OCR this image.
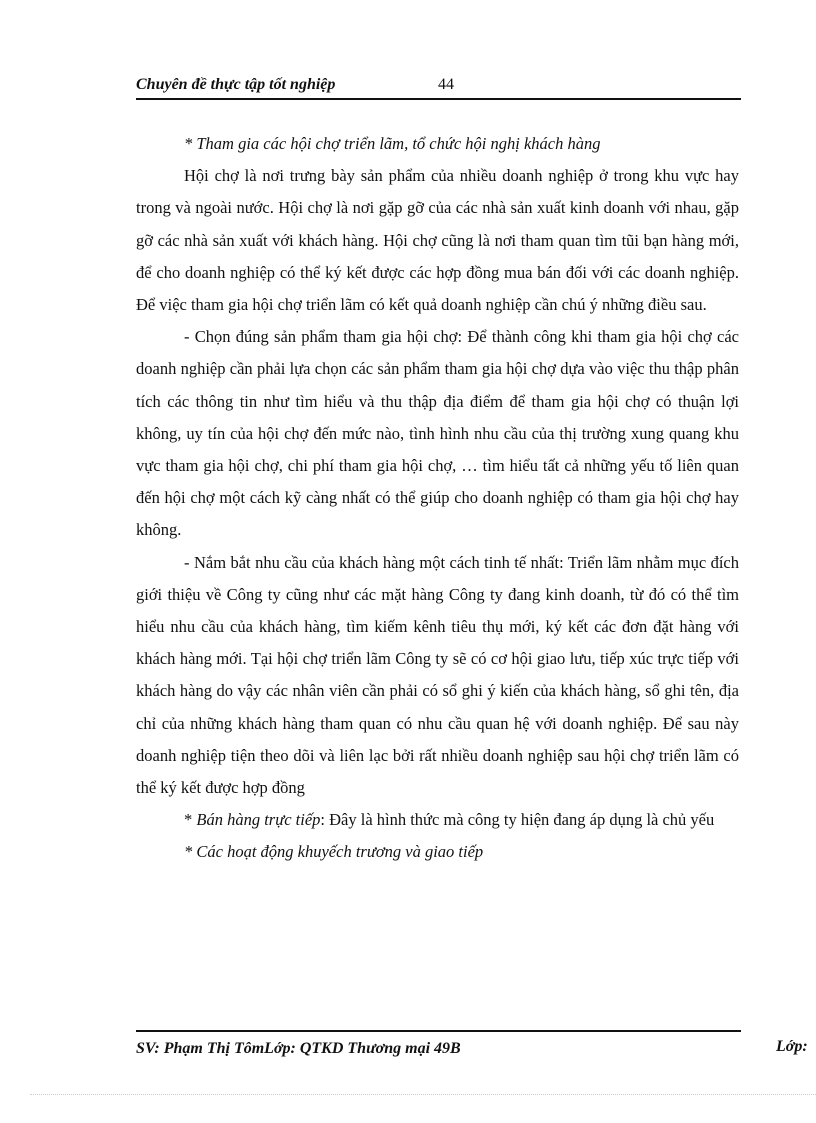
Chuyên đề thực tập tốt nghiệp	44

* Tham gia các hội chợ triển lãm, tổ chức hội nghị khách hàng

Hội chợ là nơi trưng bày sản phẩm của nhiều doanh nghiệp ở trong khu vực hay trong và ngoài nước. Hội chợ là nơi gặp gỡ của các nhà sản xuất kinh doanh với nhau, gặp gỡ các nhà sản xuất với khách hàng. Hội chợ cũng là nơi tham quan tìm tũi bạn hàng mới, để cho doanh nghiệp có thể ký kết được các hợp đồng mua bán đối với các doanh nghiệp. Để việc tham gia hội chợ triển lãm có kết quả doanh nghiệp cần chú ý những điều sau.

- Chọn đúng sản phẩm tham gia hội chợ: Để thành công khi tham gia hội chợ các doanh nghiệp cần phải lựa chọn các sản phẩm tham gia hội chợ dựa vào việc thu thập phân tích các thông tin như tìm hiểu và thu thập địa điểm để tham gia hội chợ có thuận lợi không, uy tín của hội chợ đến mức nào, tình hình nhu cầu của thị trường xung quang khu vực tham gia hội chợ, chi phí tham gia hội chợ, … tìm hiểu tất cả những yếu tố liên quan đến hội chợ một cách kỹ càng nhất có thể giúp cho doanh nghiệp có tham gia hội chợ hay không.

- Nắm bắt nhu cầu của khách hàng một cách tinh tế nhất: Triển lãm nhằm mục đích giới thiệu về Công ty cũng như các mặt hàng Công ty đang kinh doanh, từ đó có thể tìm hiểu nhu cầu của khách hàng, tìm kiếm kênh tiêu thụ mới, ký kết các đơn đặt hàng với khách hàng mới. Tại hội chợ triển lãm Công ty sẽ có cơ hội giao lưu, tiếp xúc trực tiếp với khách hàng do vậy các nhân viên cần phải có sổ ghi ý kiến của khách hàng, sổ ghi tên, địa chỉ của những khách hàng tham quan có nhu cầu quan hệ với doanh nghiệp. Để sau này doanh nghiệp tiện theo dõi và liên lạc bởi rất nhiều doanh nghiệp sau hội chợ triển lãm có thể ký kết được hợp đồng

* Bán hàng trực tiếp: Đây là hình thức mà công ty hiện đang áp dụng là chủ yếu

* Các hoạt động khuyếch trương và giao tiếp

SV: Phạm Thị TômLớp: QTKD Thương mại 49B	Lớp:
